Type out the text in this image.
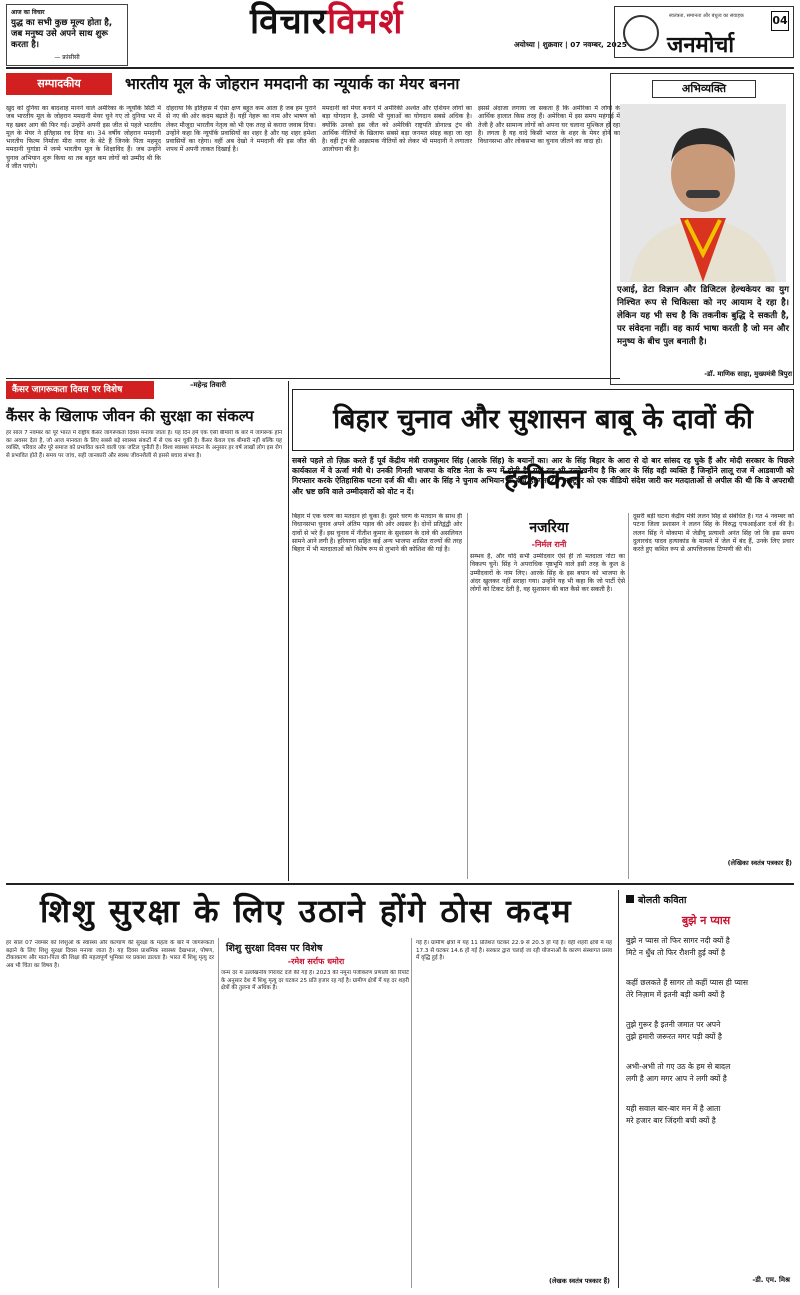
आज का विचार
युद्ध का सभी कुछ मूल्य होता है, जब मनुष्य उसे अपने साथ शुरू करता है।
— फ्रांसीसी
विचारविमर्श
अयोध्या | शुक्रवार | 07 नवम्बर, 2025
स्वतंत्रता, समानता और बंधुत्व का संवाहक
जनमोर्चा
04
सम्पादकीय	भारतीय मूल के जोहरान ममदानी का न्यूयार्क का मेयर बनना
खुद को दुनिया का बादशाह मानने वाले अमेरिका के न्यूयॉर्क सिटी में जब भारतीय मूल के जोहरान ममदानी मेयर चुने गए तो दुनिया भर में यह खबर आग की फिर गई। उन्होंने अपनी इस जीत से पहले भारतीय मूल के मेयर ने इतिहास रच दिया था। 34 वर्षीय जोहरान ममदानी भारतीय फिल्म निर्माता मीरा नायर के बेटे हैं जिनके पिता महमूद ममदानी युगांडा में जन्मे भारतीय मूल के शिक्षाविद हैं। जब उन्होंने चुनाव अभियान शुरू किया था तब बहुत कम लोगों को उम्मीद थी कि वे जीत पाएंगे।
दोहराया कि इतिहास में ऐसा क्षण बहुत कम आता है जब हम पुराने से नए की ओर कदम बढ़ाते हैं। यहीं नेहरू का नाम और भाषण को लेकर मौजूदा भारतीय नेतृत्व को भी एक तरह से करारा जवाब दिया। उन्होंने कहा कि न्यूयॉर्क प्रवासियों का शहर है और यह शहर हमेशा प्रवासियों का रहेगा। वहीं अब देखो ने ममदानी की इस जीत की शपथ में अपनी ताकत दिखाई है।
ममदानी को मेयर बनाने में अमेरिकी अश्वेत और एशियन लोगों का बड़ा योगदान है, उनकी भी युवाओं का योगदान सबसे अधिक है। क्योंकि उनको इस जीत को अमेरिकी राष्ट्रपति डोनाल्ड ट्रंप की आर्थिक नीतियों के खिलाफ सबसे बड़ा जनमत संग्रह कहा जा रहा है। वहीं ट्रंप की आक्रामक नीतियों को लेकर भी ममदानी ने लगातार आलोचना की है।
इससे अंदाजा लगाया जा सकता है कि अमेरिका में लोगों के आर्थिक हालात किस तरह हैं। अमेरिका में इस समय महंगाई में तेजी है और सामान्य लोगों को अपना घर चलाना मुश्किल हो रहा है। लगता है यह वादे किसी भारत के शहर के मेयर होने का विधानसभा और लोकसभा का चुनाव जीतने का वादा हो।
अभिव्यक्ति
एआई, डेटा विज्ञान और डिजिटल हेल्थकेयर का युग निश्चित रूप से चिकित्सा को नए आयाम दे रहा है। लेकिन यह भी सच है कि तकनीक बुद्धि दे सकती है, पर संवेदना नहीं। वह कार्य भाषा करती है जो मन और मनुष्य के बीच पुल बनाती है।
-डॉ. माणिक साहा, मुख्यमंत्री त्रिपुरा
कैंसर जागरूकता दिवस पर विशेष	–महेन्द्र तिवारी
कैंसर के खिलाफ जीवन की सुरक्षा का संकल्प
हर साल 7 नवम्बर को पूरे भारत में राष्ट्रीय कैंसर जागरूकता दिवस मनाया जाता है। यह दिन हमें एक ऐसी बीमारी के बारे में जागरूक होने का अवसर देता है, जो आज मानवता के लिए सबसे बड़े स्वास्थ्य संकटों में से एक बन चुकी है। कैंसर केवल एक बीमारी नहीं बल्कि यह व्यक्ति, परिवार और पूरे समाज को प्रभावित करने वाली एक जटिल चुनौती है। विश्व स्वास्थ्य संगठन के अनुसार हर वर्ष लाखों लोग इस रोग से प्रभावित होते हैं। समय पर जांच, सही जानकारी और स्वस्थ जीवनशैली से इससे बचाव संभव है।
बिहार चुनाव और सुशासन बाबू के दावों की हकीकत
सबसे पहले तो ज़िक्र करते हैं पूर्व केंद्रीय मंत्री राजकुमार सिंह (आरके सिंह) के बयानों का। आर के सिंह बिहार के आरा से दो बार सांसद रह चुके हैं और मोदी सरकार के पिछले कार्यकाल में वे ऊर्जा मंत्री थे। उनकी गिनती भाजपा के वरिष्ठ नेता के रूप में होती है। यहां यह भी उल्लेखनीय है कि आर के सिंह वही व्यक्ति हैं जिन्होंने लालू राज में आडवाणी को गिरफ्तार करके ऐतिहासिक घटना दर्ज की थी। आर के सिंह ने चुनाव अभियान के बीच ही गत 20 अक्टूबर को एक वीडियो संदेश जारी कर मतदाताओं से अपील की थी कि वे अपराधी और भ्रष्ट छवि वाले उम्मीदवारों को वोट न दें।
बिहार में एक चरण का मतदान हो चुका है। दूसरे चरण के मतदान के साथ ही विधानसभा चुनाव अपने अंतिम पड़ाव की ओर अग्रसर है। दोनों प्रतिद्वंद्वी ओर दावों से भरे हैं। इस चुनाव में नीतीश कुमार के सुशासन के दावे की असलियत सामने आने लगी है। हरियाणा सहित कई अन्य भाजपा शासित राज्यों की तरह बिहार में भी मतदाताओं को विशेष रूप से लुभाने की कोशिश की गई है।
नजरिया
-निर्मल रानी
सम्भव है, और यदि सभी उम्मीदवार ऐसे ही तो मतदाता नोटा का विकल्प चुनें। सिंह ने अपराधिक पृष्ठभूमि वाले इसी तरह के कुल 8 उम्मीदवारों के नाम लिए। आरके सिंह के इस बयान को भाजपा के अंदर खुलकर नहीं सराहा गया। उन्होंने यह भी कहा कि जो पार्टी ऐसे लोगों को टिकट देती है, वह सुशासन की बात कैसे कर सकती है।
दूसरी बड़ी घटना केंद्रीय मंत्री ललन सिंह से संबंधित है। गत 4 नवम्बर को पटना जिला प्रशासन ने ललन सिंह के विरुद्ध एफआईआर दर्ज की है। ललन सिंह ने मोकामा में जेडीयू प्रत्याशी अनंत सिंह जो कि इस समय दुलारचंद यादव हत्याकांड के मामले में जेल में बंद हैं, उनके लिए प्रचार करते हुए कथित रूप से आपत्तिजनक टिप्पणी की थी।
(लेखिका स्वतंत्र पत्रकार हैं)
शिशु सुरक्षा के लिए उठाने होंगे ठोस कदम
हर साल 07 नवम्बर को शिशुओं के स्वास्थ्य और कल्याण की सुरक्षा के महत्व के बारे में जागरूकता बढ़ाने के लिए शिशु सुरक्षा दिवस मनाया जाता है। यह दिवस प्राथमिक स्वास्थ्य देखभाल, पोषण, टीकाकरण और माता-पिता की शिक्षा की महत्वपूर्ण भूमिका पर प्रकाश डालता है। भारत में शिशु मृत्यु दर अब भी चिंता का विषय है।
शिशु सुरक्षा दिवस पर विशेष
-रमेश सर्राफ धमोरा
जन्म दर में उल्लेखनीय गिरावट दर्ज की गई है। 2023 की नमूना पंजीकरण प्रणाली की रिपोर्ट के अनुसार देश में शिशु मृत्यु दर घटकर 25 प्रति हजार रह गई है। ग्रामीण क्षेत्रों में यह दर शहरी क्षेत्रों की तुलना में अधिक है।
गई है। ग्रामीण क्षेत्रों में यह 11 प्रतिशत घटकर 22.9 से 20.3 हो गई है। वहीं शहरी क्षेत्रों में यह 17.3 से घटकर 14.6 हो गई है। सरकार द्वारा चलाई जा रही योजनाओं के कारण संस्थागत प्रसव में वृद्धि हुई है।
(लेखक स्वतंत्र पत्रकार हैं)
बोलती कविता
बुझे न प्यास
बुझे न प्यास तो फिर सागर नदी क्यों है
मिटे न धुँध तो फिर रौशनी हुई क्यों है
कहीं छलकते हैं सागर तो कहीं प्यास ही प्यास
तेरे निज़ाम में इतनी बड़ी कमी क्यों है
तुझे गुरूर है इतनी जमात पर अपने
तुझे हमारी जरूरत मगर पड़ी क्यों है
अभी-अभी तो गए उठ के हम से बादल
लगी है आग मगर आप ने लगी क्यों है
यही सवाल बार-बार मन में है आता
मरे हजार बार जिंदगी बची क्यों है
-डी. एम. मिश्र
